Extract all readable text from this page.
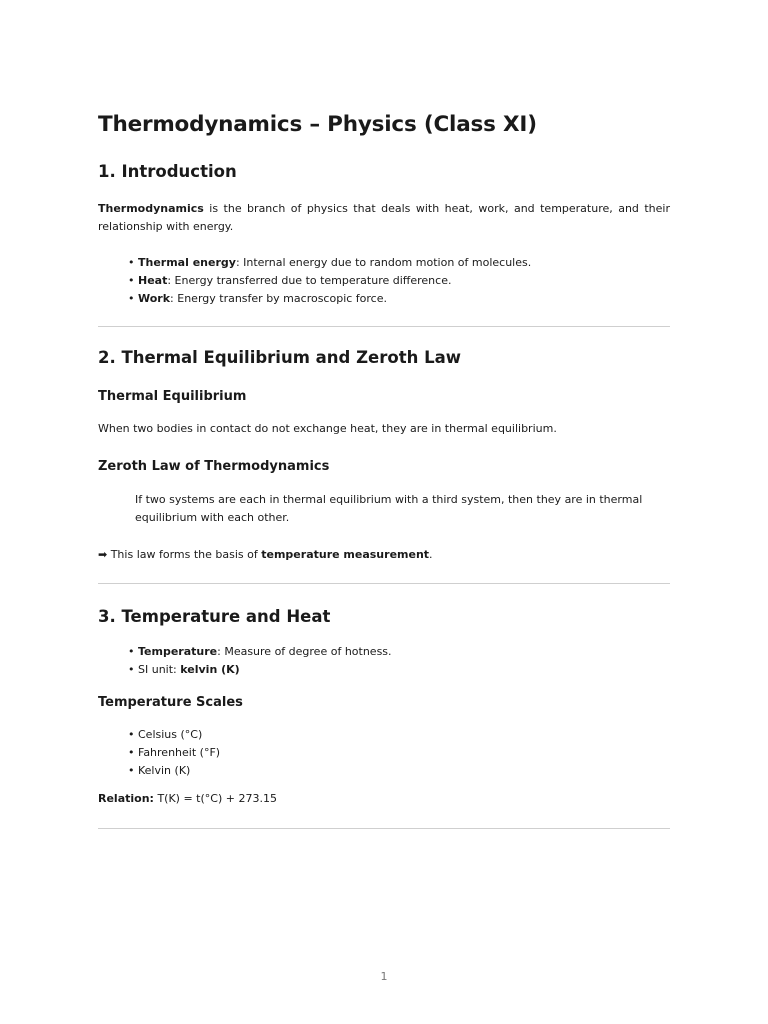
Thermodynamics – Physics (Class XI)
1. Introduction

Thermodynamics is the branch of physics that deals with heat, work, and temperature, and their relationship with energy.

• Thermal energy: Internal energy due to random motion of molecules.
• Heat: Energy transferred due to temperature difference.
• Work: Energy transfer by macroscopic force.
2. Thermal Equilibrium and Zeroth Law
Thermal Equilibrium

When two bodies in contact do not exchange heat, they are in thermal equilibrium.

Zeroth Law of Thermodynamics

If two systems are each in thermal equilibrium with a third system, then they are in thermal equilibrium with each other.

➡ This law forms the basis of temperature measurement.

3. Temperature and Heat
• Temperature: Measure of degree of hotness.
• SI unit: kelvin (K)
Temperature Scales
• Celsius (°C)
• Fahrenheit (°F)
• Kelvin (K)

Relation: T(K) = t(°C) + 273.15

1
